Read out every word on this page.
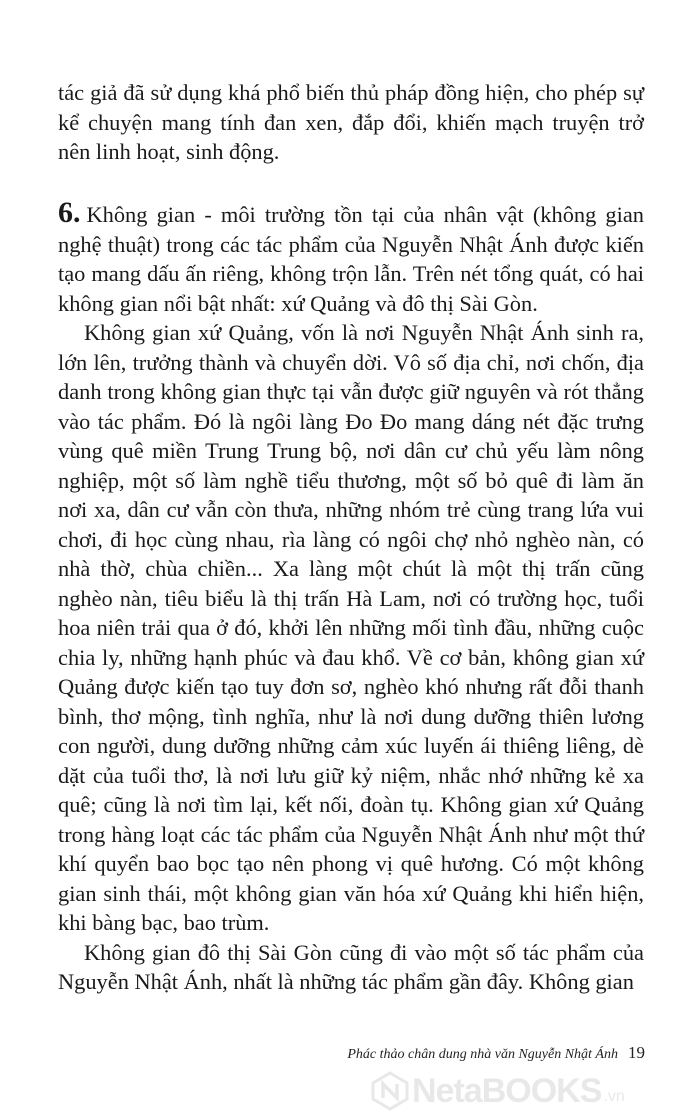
tác giả đã sử dụng khá phổ biến thủ pháp đồng hiện, cho phép sự kể chuyện mang tính đan xen, đắp đổi, khiến mạch truyện trở nên linh hoạt, sinh động.

6. Không gian - môi trường tồn tại của nhân vật (không gian nghệ thuật) trong các tác phẩm của Nguyễn Nhật Ánh được kiến tạo mang dấu ấn riêng, không trộn lẫn. Trên nét tổng quát, có hai không gian nổi bật nhất: xứ Quảng và đô thị Sài Gòn.

Không gian xứ Quảng, vốn là nơi Nguyễn Nhật Ánh sinh ra, lớn lên, trưởng thành và chuyển dời. Vô số địa chỉ, nơi chốn, địa danh trong không gian thực tại vẫn được giữ nguyên và rót thẳng vào tác phẩm. Đó là ngôi làng Đo Đo mang dáng nét đặc trưng vùng quê miền Trung Trung bộ, nơi dân cư chủ yếu làm nông nghiệp, một số làm nghề tiểu thương, một số bỏ quê đi làm ăn nơi xa, dân cư vẫn còn thưa, những nhóm trẻ cùng trang lứa vui chơi, đi học cùng nhau, rìa làng có ngôi chợ nhỏ nghèo nàn, có nhà thờ, chùa chiền... Xa làng một chút là một thị trấn cũng nghèo nàn, tiêu biểu là thị trấn Hà Lam, nơi có trường học, tuổi hoa niên trải qua ở đó, khởi lên những mối tình đầu, những cuộc chia ly, những hạnh phúc và đau khổ. Về cơ bản, không gian xứ Quảng được kiến tạo tuy đơn sơ, nghèo khó nhưng rất đỗi thanh bình, thơ mộng, tình nghĩa, như là nơi dung dưỡng thiên lương con người, dung dưỡng những cảm xúc luyến ái thiêng liêng, dè dặt của tuổi thơ, là nơi lưu giữ kỷ niệm, nhắc nhớ những kẻ xa quê; cũng là nơi tìm lại, kết nối, đoàn tụ. Không gian xứ Quảng trong hàng loạt các tác phẩm của Nguyễn Nhật Ánh như một thứ khí quyển bao bọc tạo nên phong vị quê hương. Có một không gian sinh thái, một không gian văn hóa xứ Quảng khi hiển hiện, khi bàng bạc, bao trùm.

Không gian đô thị Sài Gòn cũng đi vào một số tác phẩm của Nguyễn Nhật Ánh, nhất là những tác phẩm gần đây. Không gian

Phác thảo chân dung nhà văn Nguyễn Nhật Ánh 19
NetaBOOKS .vn
